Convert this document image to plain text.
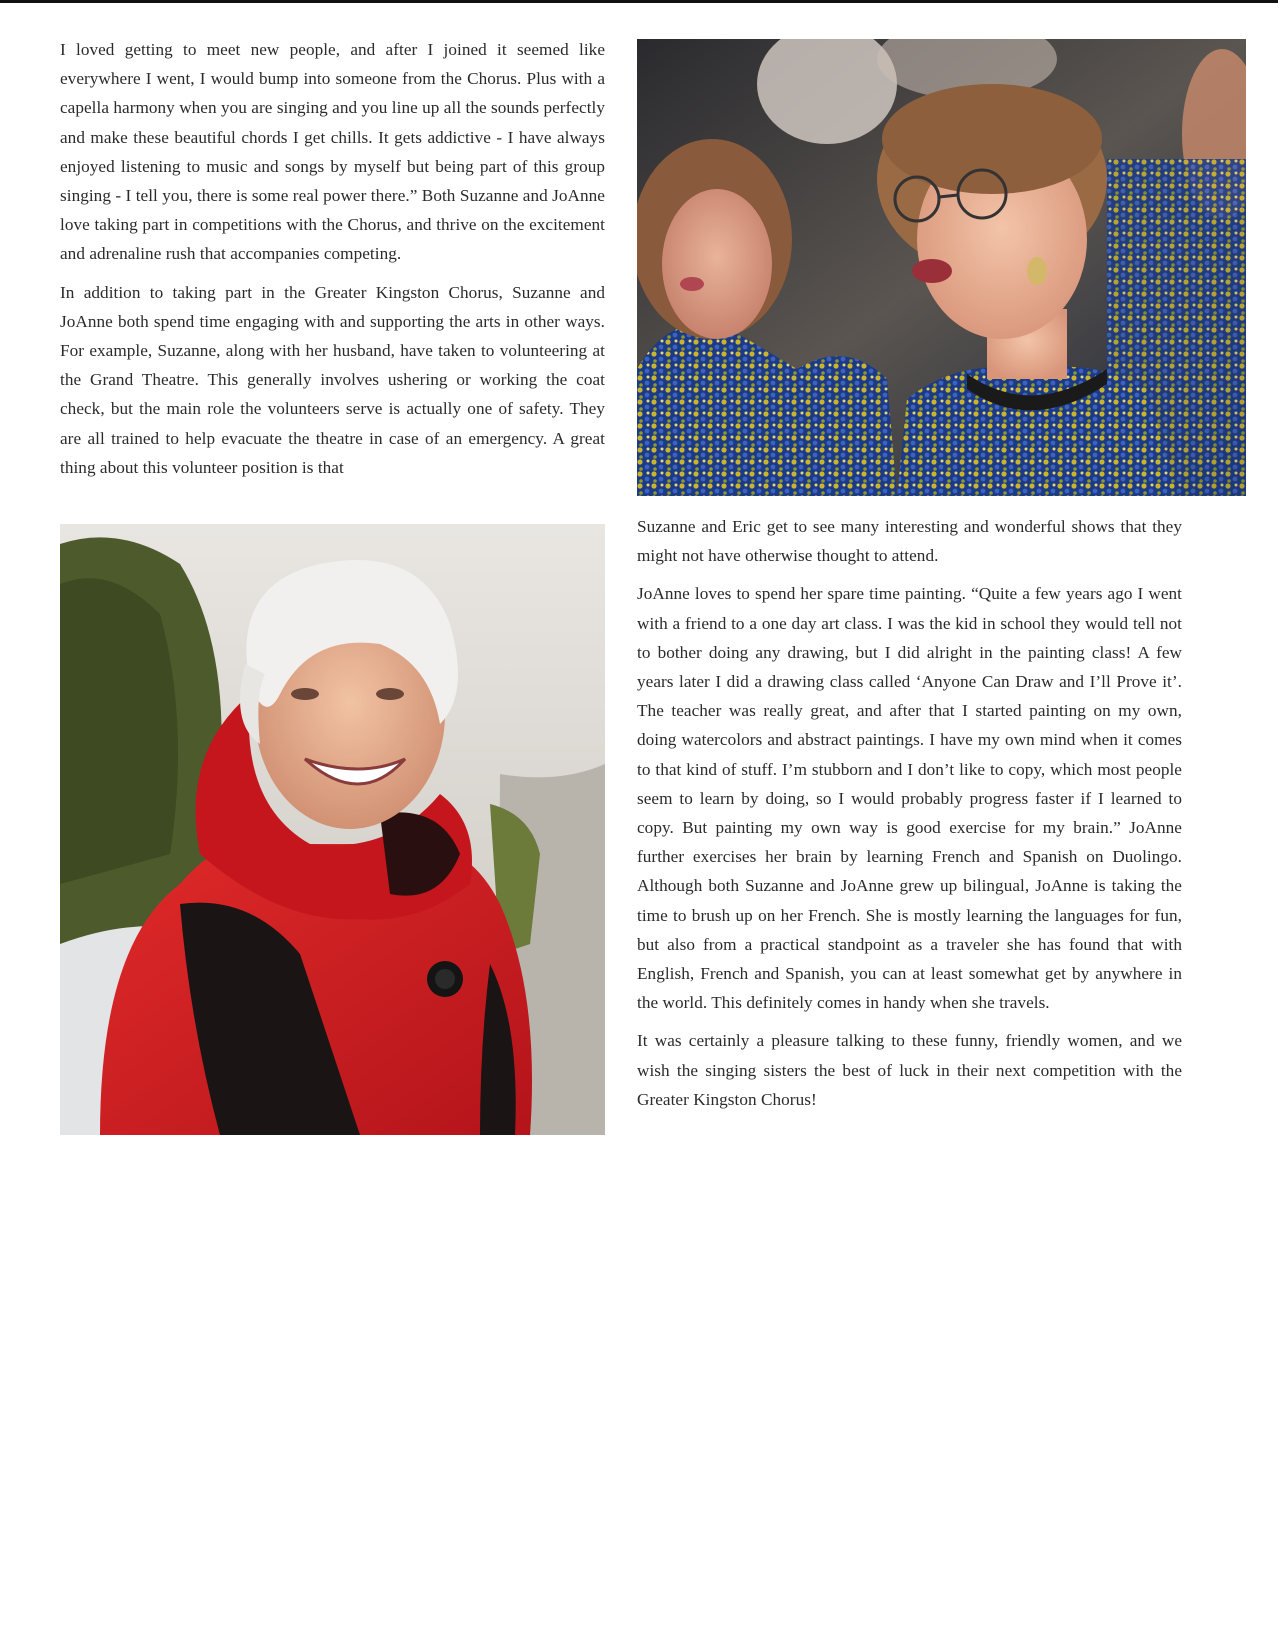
I loved getting to meet new people, and after I joined it seemed like everywhere I went, I would bump into someone from the Chorus. Plus with a capella harmony when you are singing and you line up all the sounds perfectly and make these beautiful chords I get chills. It gets addictive - I have always enjoyed listening to music and songs by myself but being part of this group singing - I tell you, there is some real power there.” Both Suzanne and JoAnne love taking part in competitions with the Chorus, and thrive on the excitement and adrenaline rush that accompanies competing.

In addition to taking part in the Greater Kingston Chorus, Suzanne and JoAnne both spend time engaging with and supporting the arts in other ways. For example, Suzanne, along with her husband, have taken to volunteering at the Grand Theatre. This generally involves ushering or working the coat check, but the main role the volunteers serve is actually one of safety. They are all trained to help evacuate the theatre in case of an emergency. A great thing about this volunteer position is that

Suzanne and Eric get to see many interesting and wonderful shows that they might not have otherwise thought to attend.

JoAnne loves to spend her spare time painting. “Quite a few years ago I went with a friend to a one day art class. I was the kid in school they would tell not to bother doing any drawing, but I did alright in the painting class! A few years later I did a drawing class called ‘Anyone Can Draw and I’ll Prove it’. The teacher was really great, and after that I started painting on my own, doing watercolors and abstract paintings. I have my own mind when it comes to that kind of stuff. I’m stubborn and I don’t like to copy, which most people seem to learn by doing, so I would probably progress faster if I learned to copy. But painting my own way is good exercise for my brain.” JoAnne further exercises her brain by learning French and Spanish on Duolingo. Although both Suzanne and JoAnne grew up bilingual, JoAnne is taking the time to brush up on her French. She is mostly learning the languages for fun, but also from a practical standpoint as a traveler she has found that with English, French and Spanish, you can at least somewhat get by anywhere in the world. This definitely comes in handy when she travels.

It was certainly a pleasure talking to these funny, friendly women, and we wish the singing sisters the best of luck in their next competition with the Greater Kingston Chorus!
